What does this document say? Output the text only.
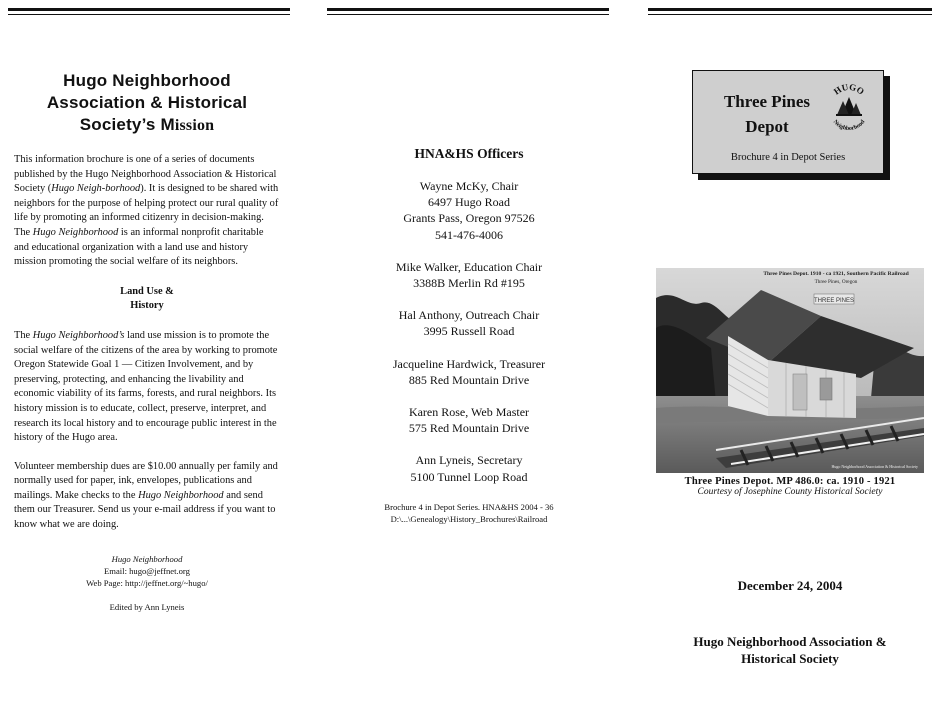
Hugo Neighborhood
Association & Historical
Society’s Mission

This information brochure is one of a series of documents published by the Hugo Neighborhood Association & Historical Society (Hugo Neigh-borhood). It is designed to be shared with neighbors for the purpose of helping protect our rural quality of life by promoting an informed citizenry in decision-making. The Hugo Neighborhood is an informal nonprofit charitable and educational organization with a land use and history mission promoting the social welfare of its neighbors.

Land Use &
History

The Hugo Neighborhood’s land use mission is to promote the social welfare of the citizens of the area by working to promote Oregon Statewide Goal 1 — Citizen Involvement, and by preserving, protecting, and enhancing the livability and economic viability of its farms, forests, and rural neighbors. Its history mission is to educate, collect, preserve, interpret, and research its local history and to encourage public interest in the history of the Hugo area.

Volunteer membership dues are $10.00 annually per family and normally used for paper, ink, envelopes, publications and mailings. Make checks to the Hugo Neighborhood and send them our Treasurer. Send us your e-mail address if you want to know what we are doing.

Hugo Neighborhood
Email: hugo@jeffnet.org
Web Page: http://jeffnet.org/~hugo/
Edited by Ann Lyneis
HNA&HS Officers
Wayne McKy, Chair
6497 Hugo Road
Grants Pass, Oregon 97526
541-476-4006
Mike Walker, Education Chair
3388B Merlin Rd #195
Hal Anthony, Outreach Chair
3995 Russell Road
Jacqueline Hardwick, Treasurer
885 Red Mountain Drive
Karen Rose, Web Master
575 Red Mountain Drive
Ann Lyneis, Secretary
5100 Tunnel Loop Road
Brochure 4 in Depot Series. HNA&HS 2004 - 36
D:\...\Genealogy\History_Brochures\Railroad
Three Pines
Depot
HUGO
Neighborhood
Brochure 4 in Depot Series
THREE PINES
Three Pines Depot. 1910 - ca 1921, Southern Pacific Railroad
Three Pines, Oregon
Hugo Neighborhood Association & Historical Society
Three Pines Depot. MP 486.0: ca. 1910 - 1921
Courtesy of Josephine County Historical Society
December 24, 2004
Hugo Neighborhood Association &
Historical Society
